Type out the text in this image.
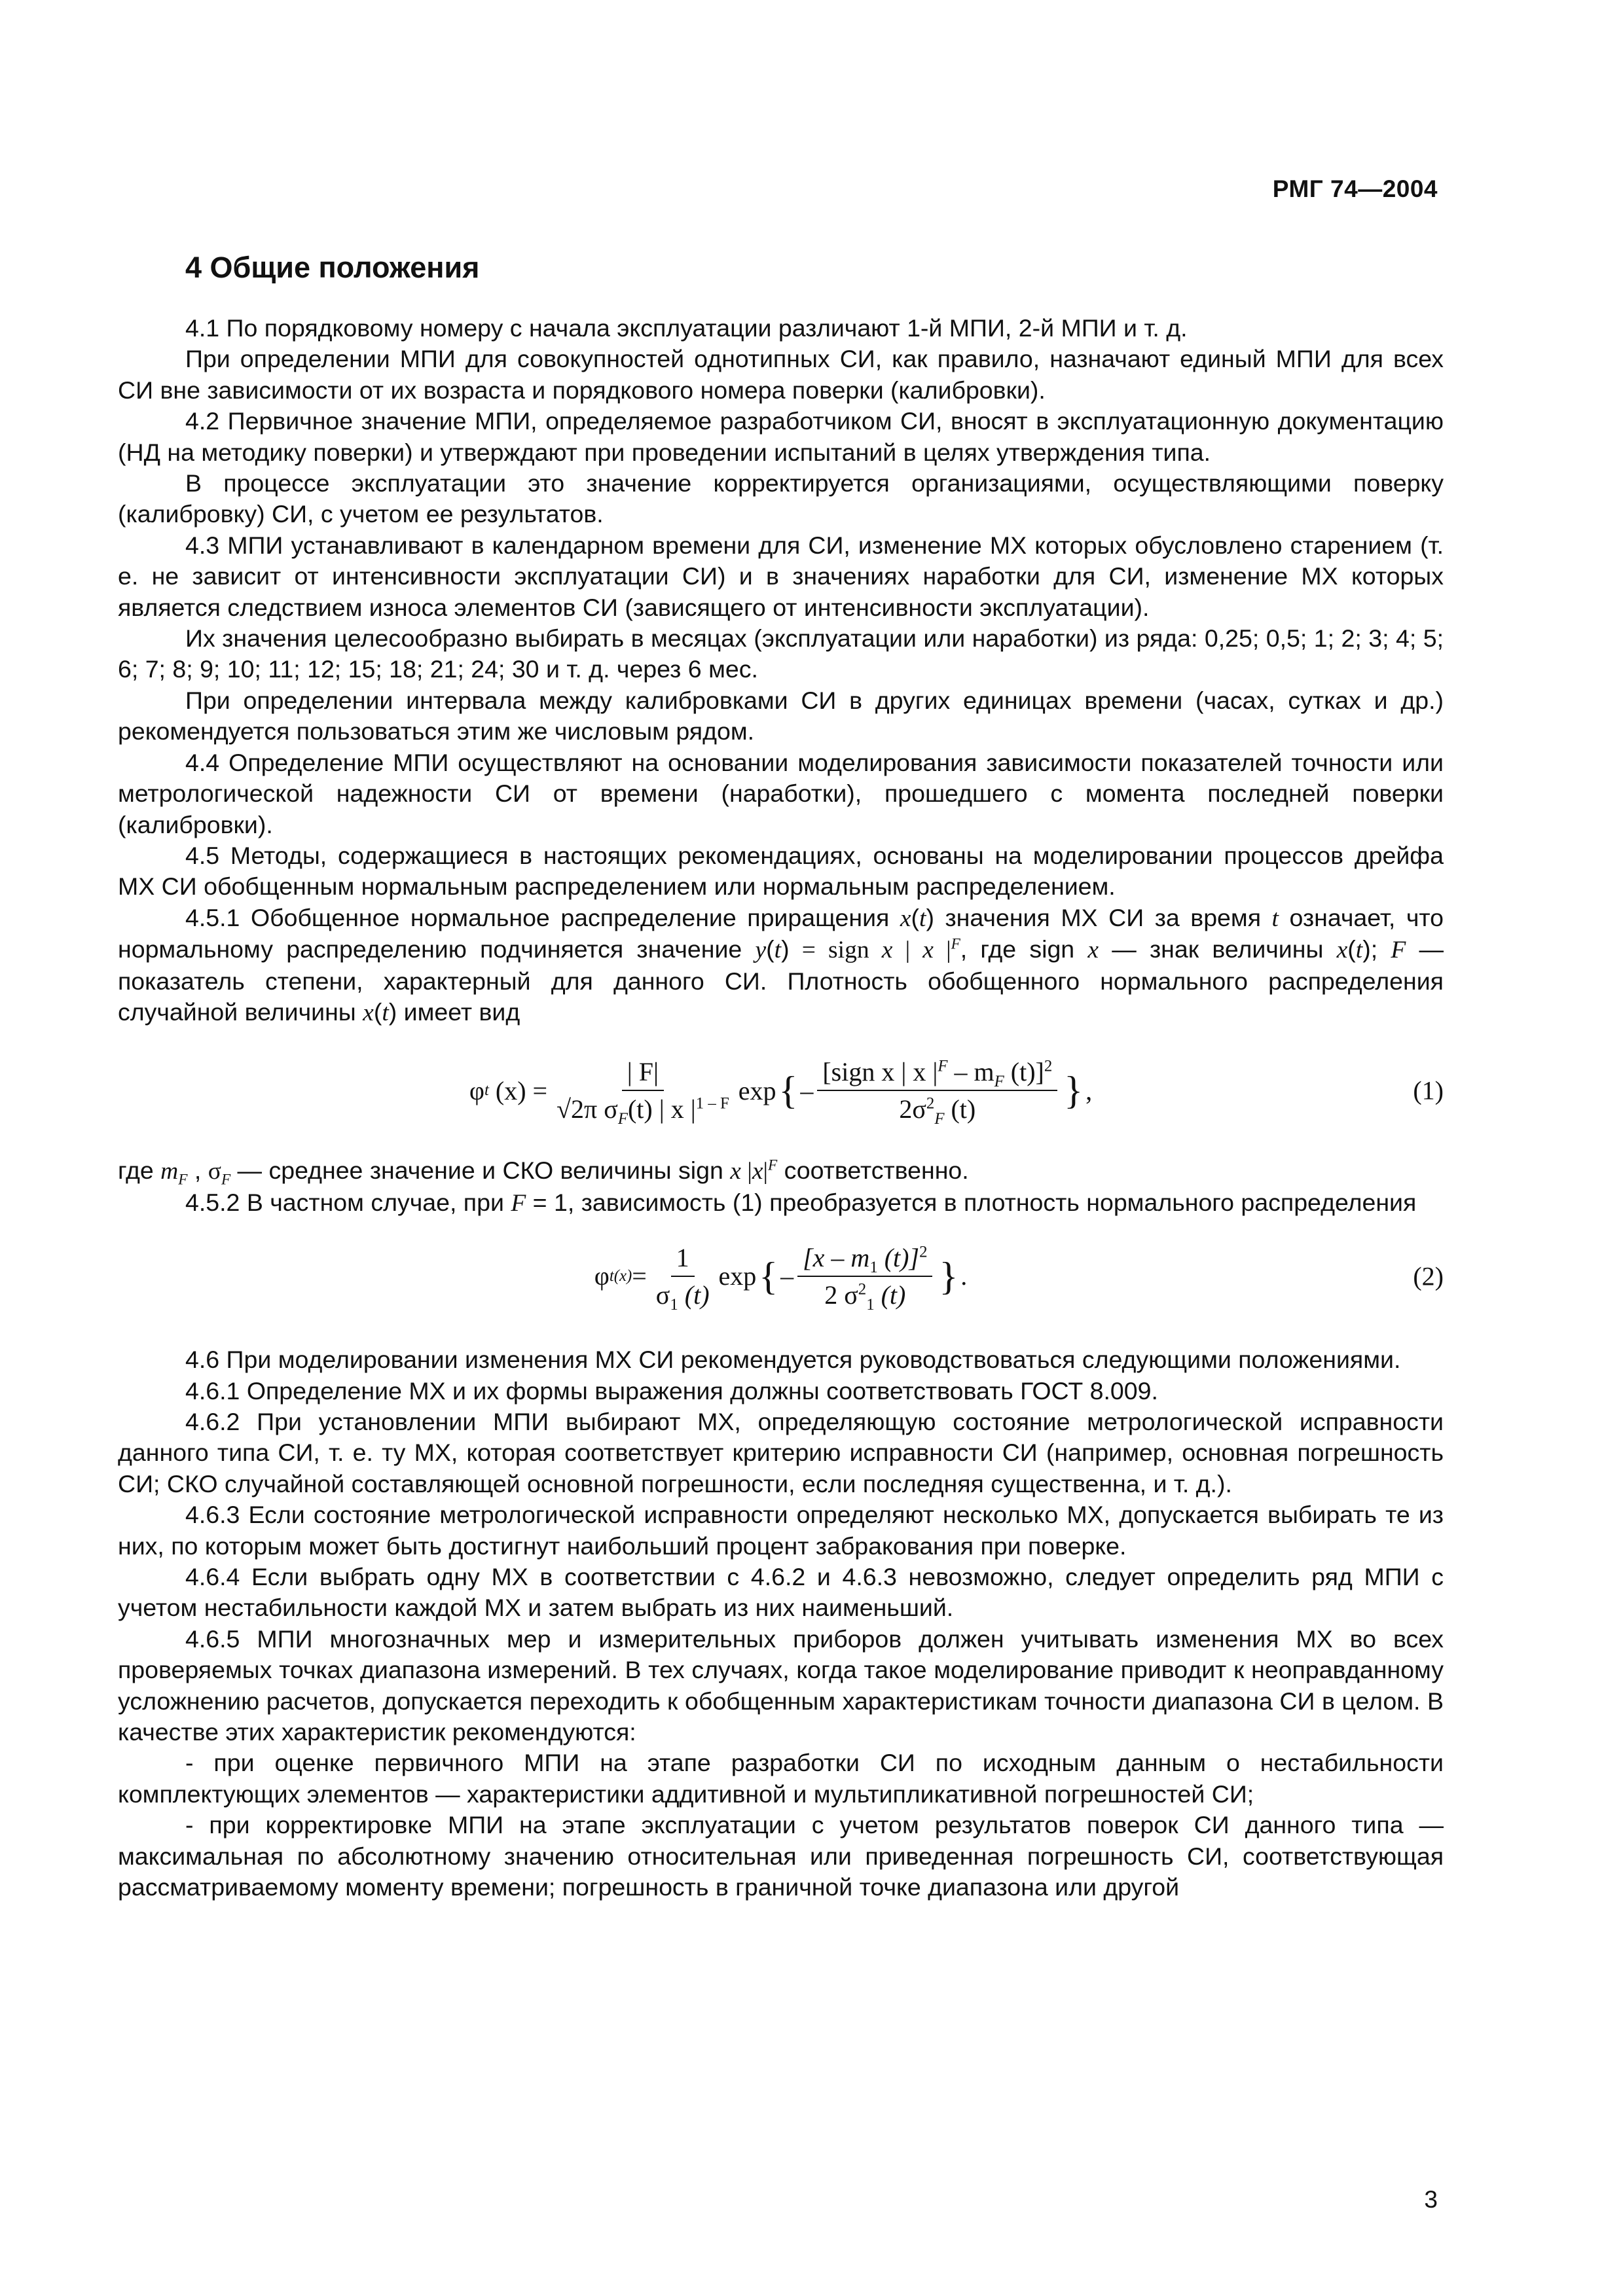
РМГ 74—2004
4 Общие положения

4.1 По порядковому номеру с начала эксплуатации различают 1-й МПИ, 2-й МПИ и т. д.

При определении МПИ для совокупностей однотипных СИ, как правило, назначают единый МПИ для всех СИ вне зависимости от их возраста и порядкового номера поверки (калибровки).

4.2 Первичное значение МПИ, определяемое разработчиком СИ, вносят в эксплуатационную документацию (НД на методику поверки) и утверждают при проведении испытаний в целях утверждения типа.

В процессе эксплуатации это значение корректируется организациями, осуществляющими поверку (калибровку) СИ, с учетом ее результатов.

4.3 МПИ устанавливают в календарном времени для СИ, изменение МХ которых обусловлено старением (т. е. не зависит от интенсивности эксплуатации СИ) и в значениях наработки для СИ, изменение МХ которых является следствием износа элементов СИ (зависящего от интенсивности эксплуатации).

Их значения целесообразно выбирать в месяцах (эксплуатации или наработки) из ряда: 0,25; 0,5; 1; 2; 3; 4; 5; 6; 7; 8; 9; 10; 11; 12; 15; 18; 21; 24; 30 и т. д. через 6 мес.

При определении интервала между калибровками СИ в других единицах времени (часах, сутках и др.) рекомендуется пользоваться этим же числовым рядом.

4.4 Определение МПИ осуществляют на основании моделирования зависимости показателей точности или метрологической надежности СИ от времени (наработки), прошедшего с момента последней поверки (калибровки).

4.5 Методы, содержащиеся в настоящих рекомендациях, основаны на моделировании процессов дрейфа МХ СИ обобщенным нормальным распределением или нормальным распределением.

4.5.1 Обобщенное нормальное распределение приращения x(t) значения МХ СИ за время t означает, что нормальному распределению подчиняется значение y(t) = sign x | x $|^F$, где sign x — знак величины x(t); F — показатель степени, характерный для данного СИ. Плотность обобщенного нормального распределения случайной величины x(t) имеет вид

φ t
$(x) = \frac{| F|}{√2\pi \sigma_F(t) | x |^{1 - F}}$ exp { – $\frac{[sign x | x |^F - m_F (t)]^2}{2\sigma^2_F (t)}$ } ,	(1)

где $m_F$ , $\sigma_F$ — среднее значение и СКО величины sign x $|x|^F$ соответственно.

4.5.2 В частном случае, при F = 1, зависимость (1) преобразуется в плотность нормального распределения

φ $t(x) = \frac{1}{\sigma_1 (t)}$ exp { – $\frac{[x - m_1 (t)]^2}{2 \sigma^2_1 (t)}$ } .	(2)

4.6 При моделировании изменения МХ СИ рекомендуется руководствоваться следующими положениями.

4.6.1 Определение МХ и их формы выражения должны соответствовать ГОСТ 8.009.

4.6.2 При установлении МПИ выбирают МХ, определяющую состояние метрологической исправности данного типа СИ, т. е. ту МХ, которая соответствует критерию исправности СИ (например, основная погрешность СИ; СКО случайной составляющей основной погрешности, если последняя существенна, и т. д.).

4.6.3 Если состояние метрологической исправности определяют несколько МХ, допускается выбирать те из них, по которым может быть достигнут наибольший процент забракования при поверке.

4.6.4 Если выбрать одну МХ в соответствии с 4.6.2 и 4.6.3 невозможно, следует определить ряд МПИ с учетом нестабильности каждой МХ и затем выбрать из них наименьший.

4.6.5 МПИ многозначных мер и измерительных приборов должен учитывать изменения МХ во всех проверяемых точках диапазона измерений. В тех случаях, когда такое моделирование приводит к неоправданному усложнению расчетов, допускается переходить к обобщенным характеристикам точности диапазона СИ в целом. В качестве этих характеристик рекомендуются:

- при оценке первичного МПИ на этапе разработки СИ по исходным данным о нестабильности комплектующих элементов — характеристики аддитивной и мультипликативной погрешностей СИ;

- при корректировке МПИ на этапе эксплуатации с учетом результатов поверок СИ данного типа — максимальная по абсолютному значению относительная или приведенная погрешность СИ, соответствующая рассматриваемому моменту времени; погрешность в граничной точке диапазона или другой

3
